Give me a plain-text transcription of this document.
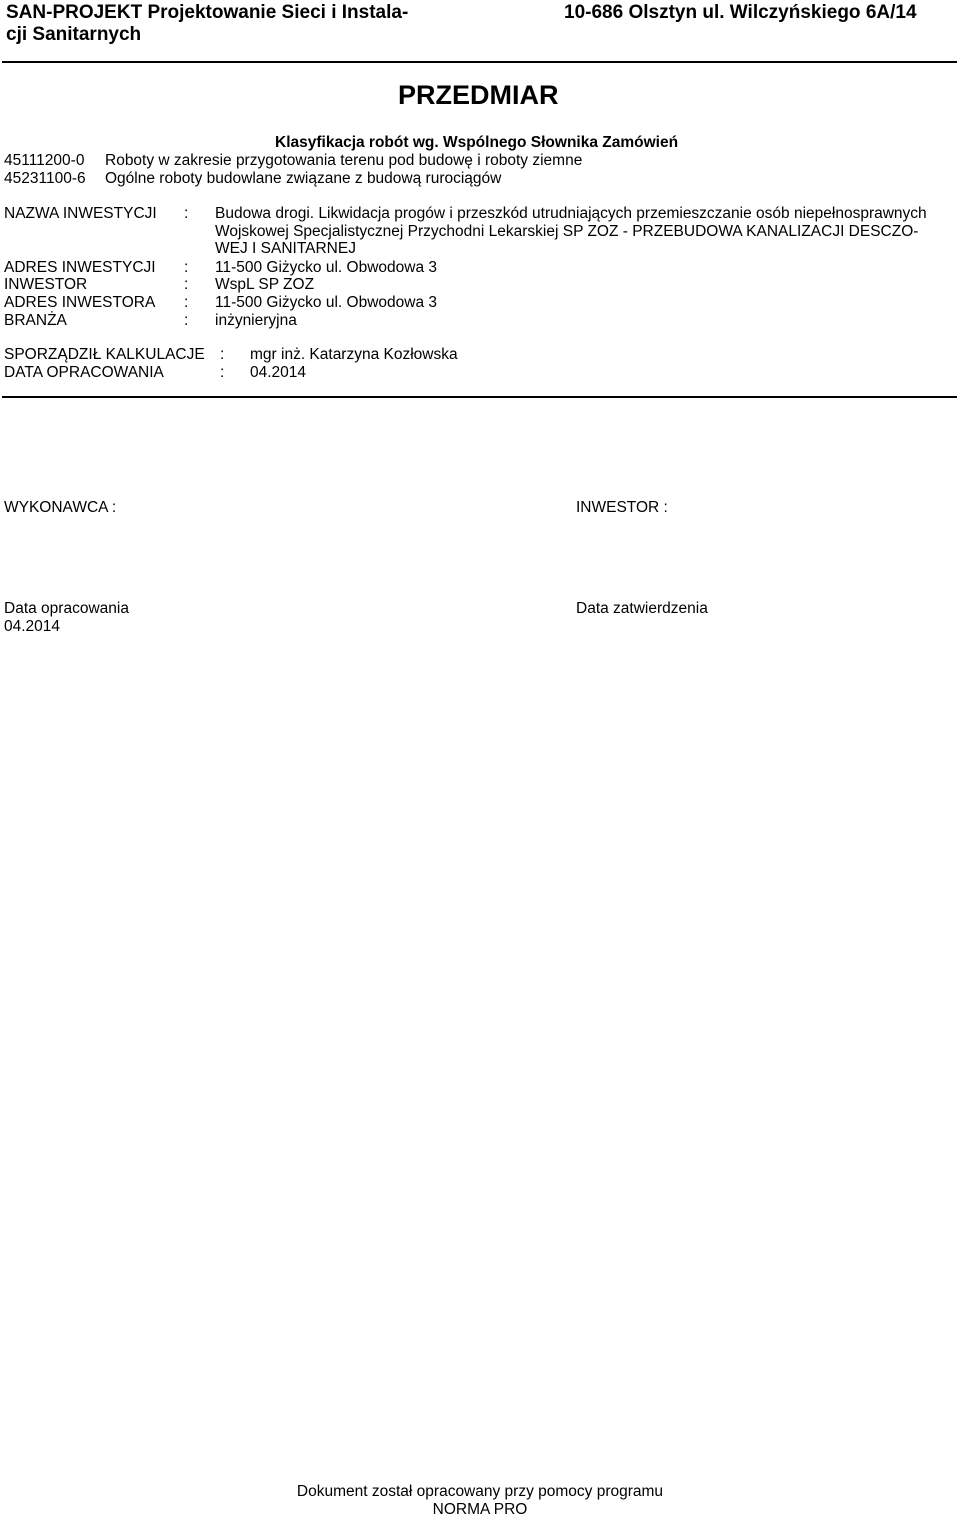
SAN-PROJEKT Projektowanie Sieci i Instala-
cji Sanitarnych
10-686 Olsztyn ul. Wilczyńskiego 6A/14
PRZEDMIAR
Klasyfikacja robót wg. Wspólnego Słownika Zamówień
45111200-0 Roboty w zakresie przygotowania terenu pod budowę i roboty ziemne
45231100-6 Ogólne roboty budowlane związane z budową rurociągów
NAZWA INWESTYCJI : Budowa drogi. Likwidacja progów i przeszkód utrudniających przemieszczanie osób niepełnosprawnych
Wojskowej Specjalistycznej Przychodni Lekarskiej SP ZOZ - PRZEBUDOWA KANALIZACJI DESCZO-
WEJ I SANITARNEJ
ADRES INWESTYCJI : 11-500 Giżycko ul. Obwodowa 3
INWESTOR	: WspL SP ZOZ
ADRES INWESTORA : 11-500 Giżycko ul. Obwodowa 3
BRANŻA	: inżynieryjna
SPORZĄDZIŁ KALKULACJE : mgr inż. Katarzyna Kozłowska
DATA OPRACOWANIA	: 04.2014
WYKONAWCA :	INWESTOR :
Data opracowania
04.2014
Data zatwierdzenia
Dokument został opracowany przy pomocy programu
NORMA PRO
